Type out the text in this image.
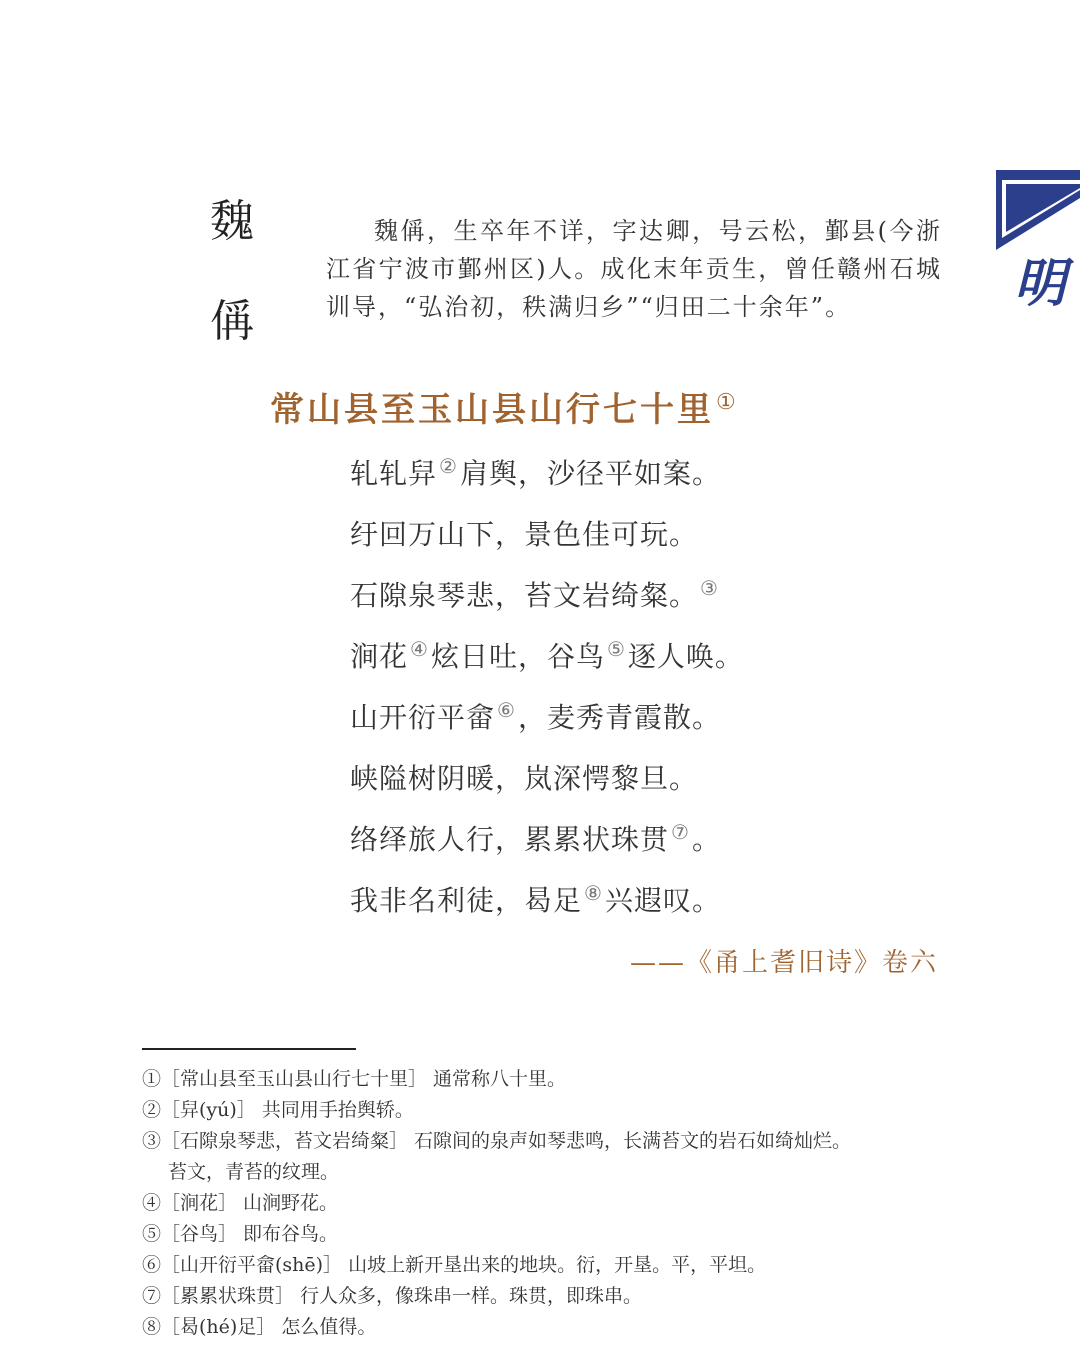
明
魏
偁

魏偁，生卒年不详，字达卿，号云松，鄞县(今浙江省宁波市鄞州区)人。成化末年贡生，曾任赣州石城训导，“弘治初，秩满归乡”“归田二十余年”。

常山县至玉山县山行七十里①
轧轧舁 ②肩舆，沙径平如案。
纡回万山下，景色佳可玩。
石隙泉琴悲，苔文岩绮粲。 ③
涧花 ④炫日吐，谷鸟 ⑤逐人唤。
山开衍平畲 ⑥，麦秀青霞散。
峡隘树阴暖，岚深愕黎旦。
络绎旅人行，累累状珠贯 ⑦。
我非名利徒，曷足 ⑧兴遐叹。
——《甬上耆旧诗》卷六
①［常山县至玉山县山行七十里］ 通常称八十里。
②［舁(yú)］ 共同用手抬舆轿。
③［石隙泉琴悲，苔文岩绮粲］ 石隙间的泉声如琴悲鸣，长满苔文的岩石如绮灿烂。
苔文，青苔的纹理。
④［涧花］ 山涧野花。
⑤［谷鸟］ 即布谷鸟。
⑥［山开衍平畲(shē)］ 山坡上新开垦出来的地块。衍，开垦。平，平坦。
⑦［累累状珠贯］ 行人众多，像珠串一样。珠贯，即珠串。
⑧［曷(hé)足］ 怎么值得。
